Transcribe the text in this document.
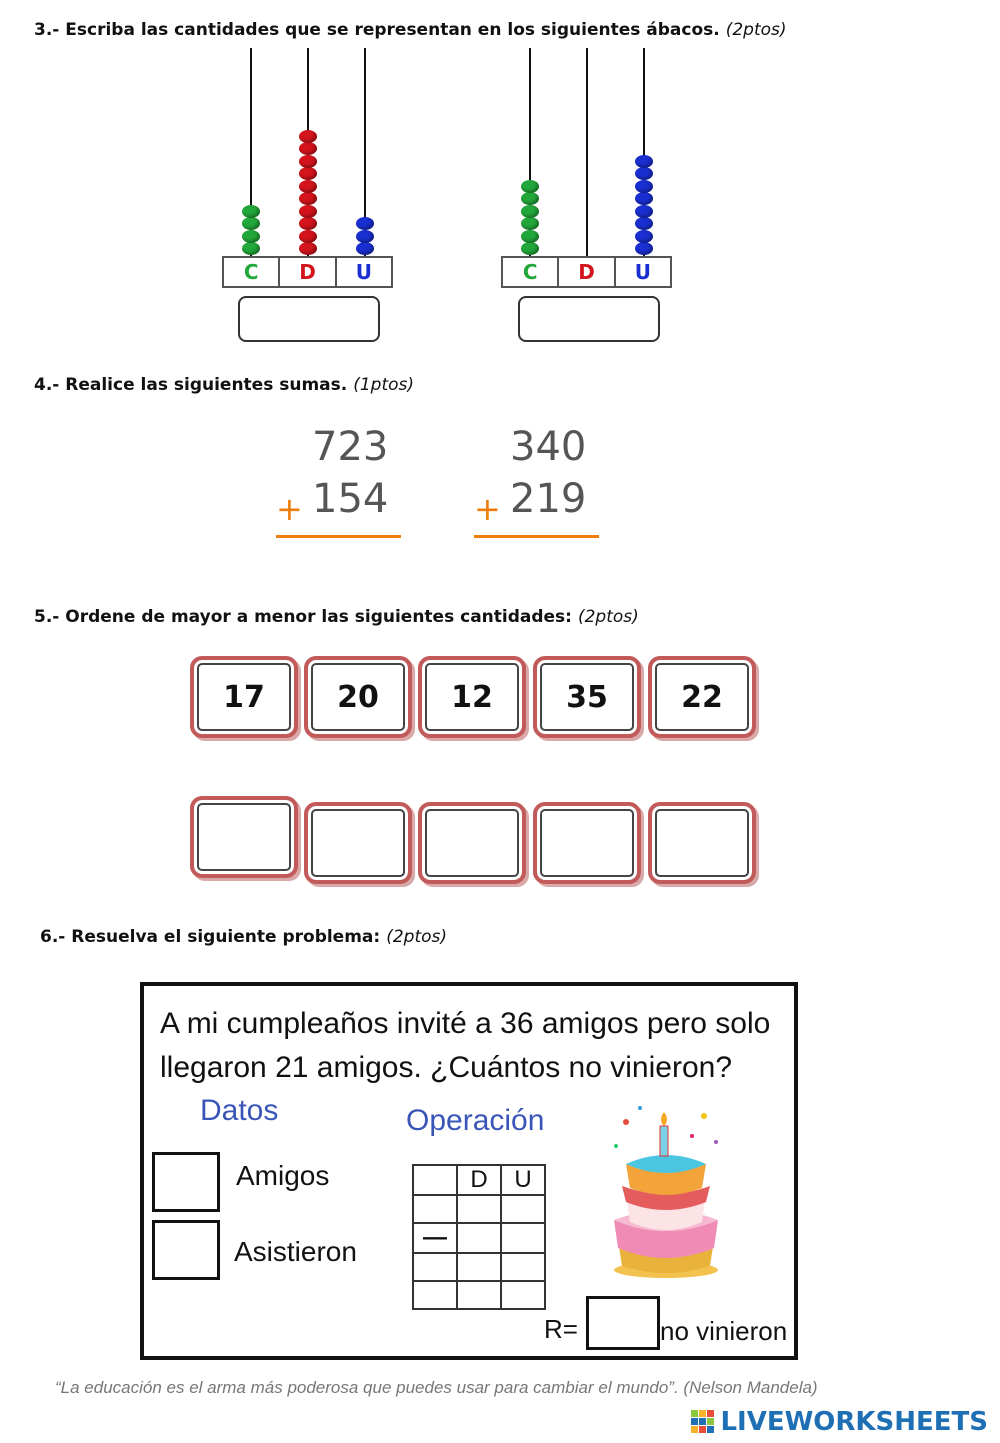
3.- Escriba las cantidades que se representan en los siguientes ábacos. (2ptos)
C	D	U	C	D	U
4.- Realice las siguientes sumas. (1ptos)
723
+ 154
340
+ 219
5.- Ordene de mayor a menor las siguientes cantidades: (2ptos)
17	20	12	35	22
6.- Resuelva el siguiente problema: (2ptos)
A mi cumpleaños invité a 36 amigos pero solo
llegaron 21 amigos. ¿Cuántos no vinieron?
Datos	Operación
Amigos
Asistieron
	D	U

—		

R=	no vinieron
“La educación es el arma más poderosa que puedes usar para cambiar el mundo”. (Nelson Mandela)
LIVEWORKSHEETS
